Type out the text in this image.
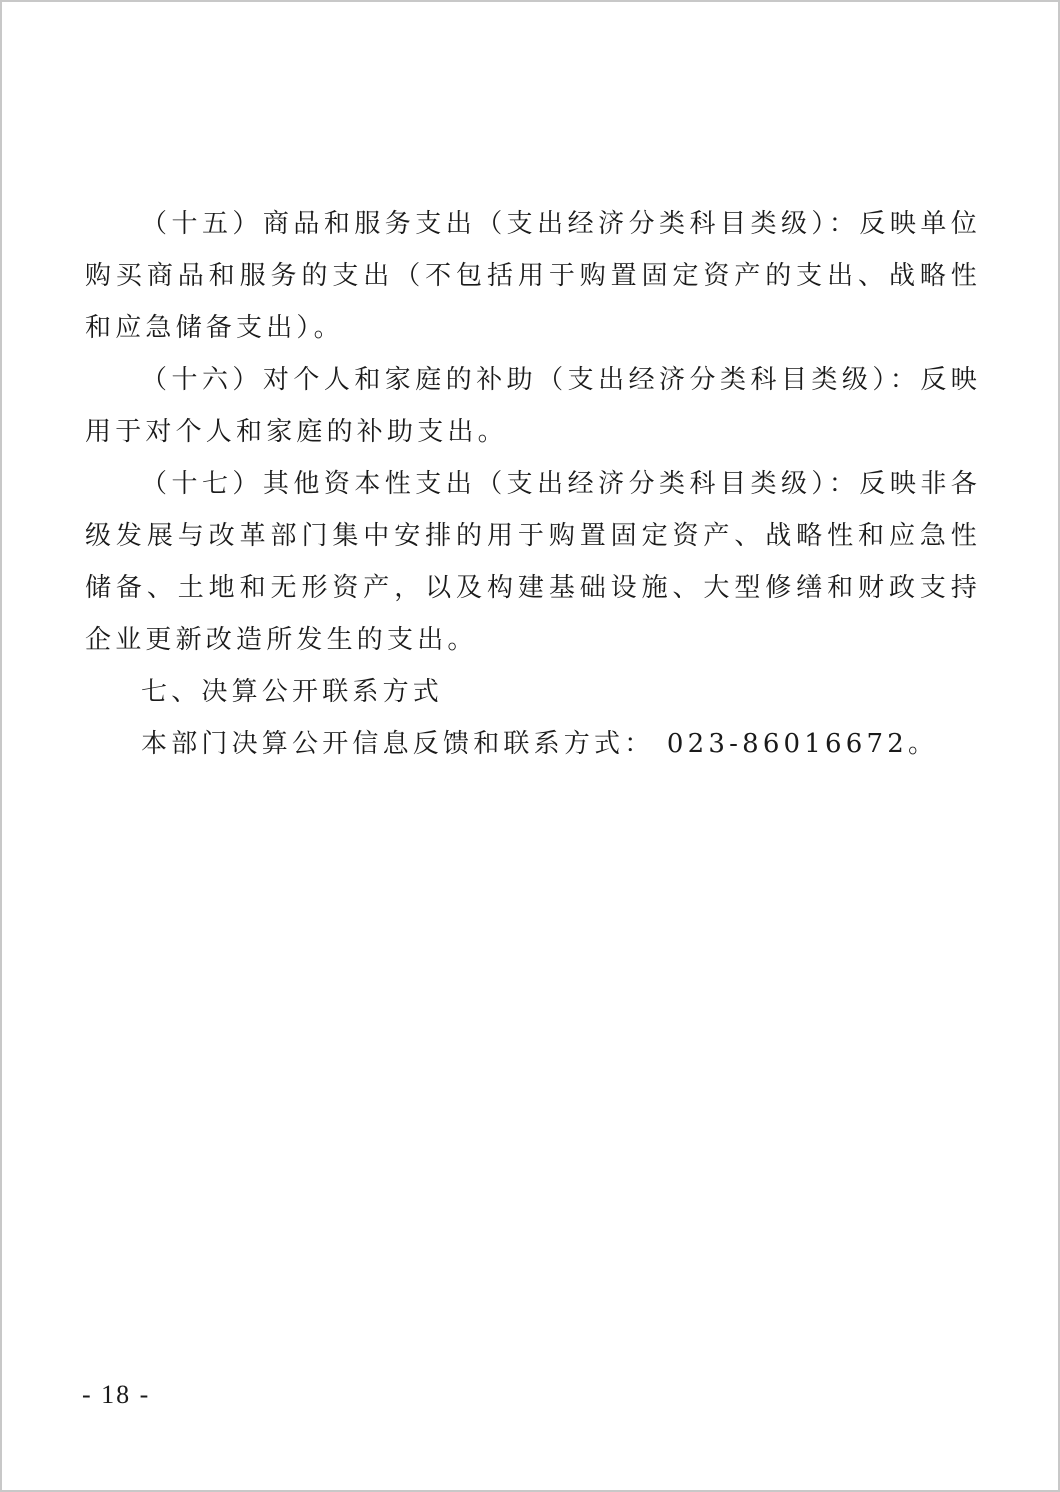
（十五）商品和服务支出（支出经济分类科目类级）：反映单位购买商品和服务的支出（不包括用于购置固定资产的支出、战略性和应急储备支出）。

（十六）对个人和家庭的补助（支出经济分类科目类级）：反映用于对个人和家庭的补助支出。

（十七）其他资本性支出（支出经济分类科目类级）：反映非各级发展与改革部门集中安排的用于购置固定资产、战略性和应急性储备、土地和无形资产，以及构建基础设施、大型修缮和财政支持企业更新改造所发生的支出。

七、决算公开联系方式

本部门决算公开信息反馈和联系方式： 023-86016672。

- 18 -
